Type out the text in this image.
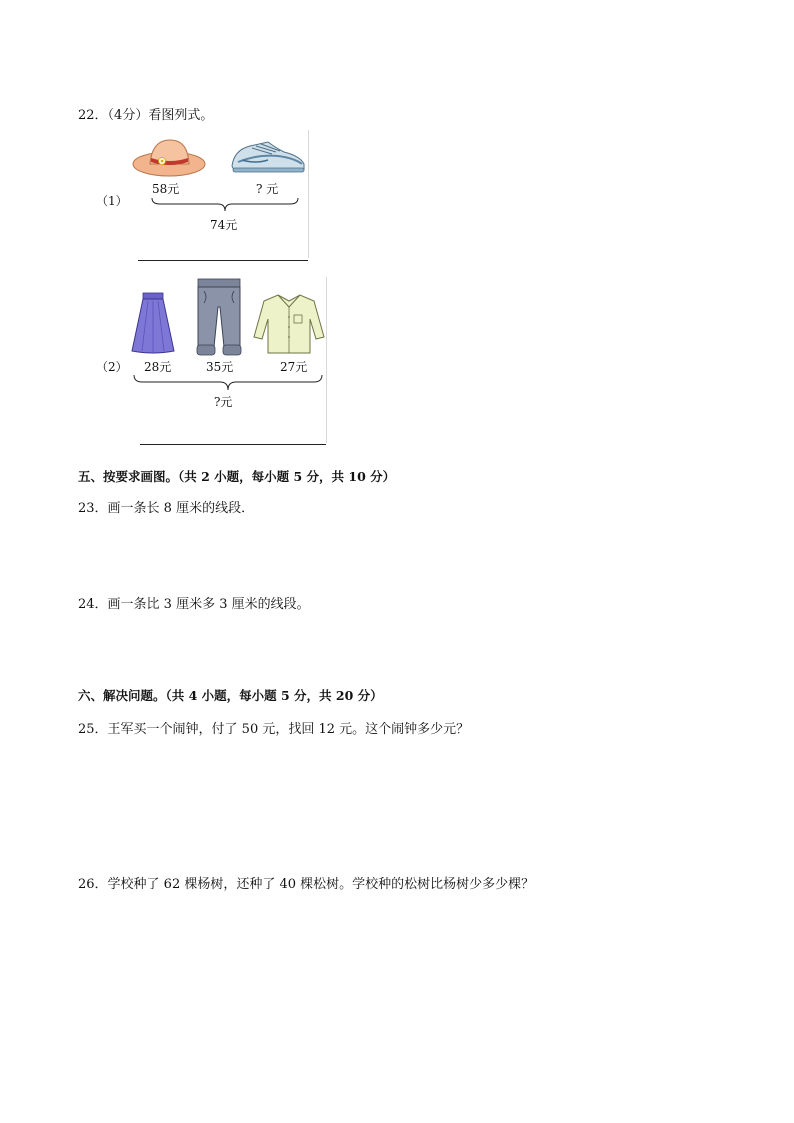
22．（4分）看图列式。
58元	? 元
74元
（1）
28元	35元	27元
?元
（2）
五、按要求画图。（共 2 小题，每小题 5 分，共 10 分）
23．画一条长 8 厘米的线段．
24．画一条比 3 厘米多 3 厘米的线段。
六、解决问题。（共 4 小题，每小题 5 分，共 20 分）
25．王军买一个闹钟，付了 50 元，找回 12 元。这个闹钟多少元？
26．学校种了 62 棵杨树，还种了 40 棵松树。学校种的松树比杨树少多少棵？
